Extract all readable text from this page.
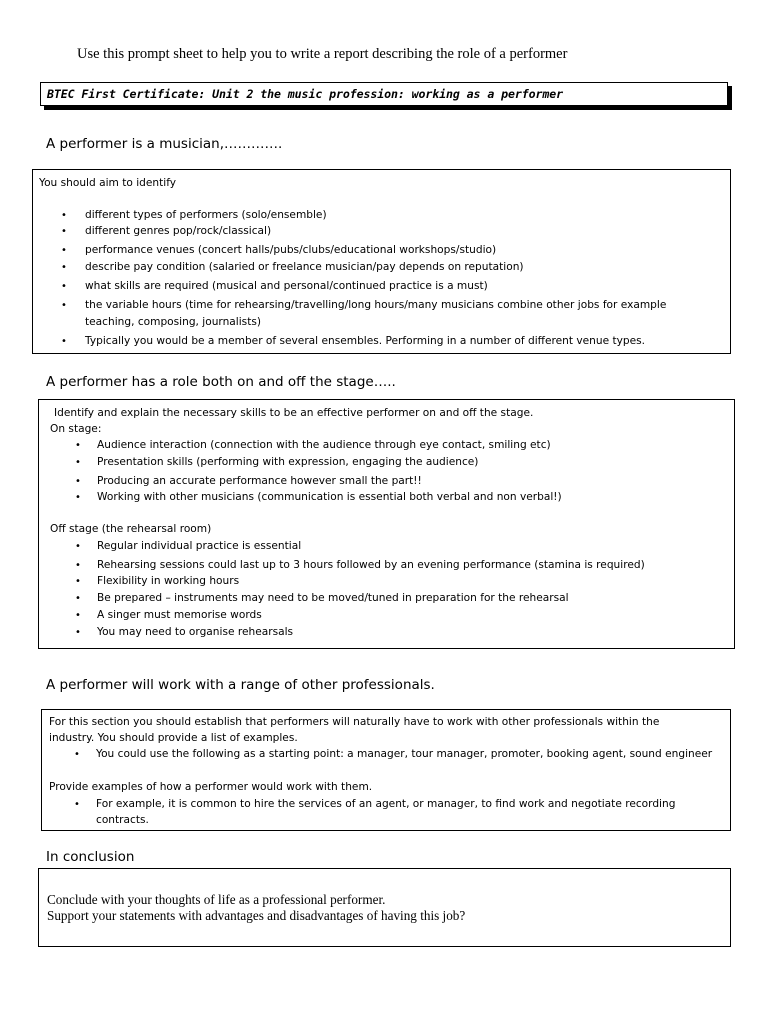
Use this prompt sheet to help you to write a report describing the role of a performer
BTEC First Certificate: Unit 2 the music profession: working as a performer
A performer is a musician,………….
You should aim to identify
• different types of performers (solo/ensemble)
• different genres pop/rock/classical)
• performance venues (concert halls/pubs/clubs/educational workshops/studio)
• describe pay condition (salaried or freelance musician/pay depends on reputation)
• what skills are required (musical and personal/continued practice is a must)
• the variable hours (time for rehearsing/travelling/long hours/many musicians combine other jobs for example
teaching, composing, journalists)
• Typically you would be a member of several ensembles. Performing in a number of different venue types.
A performer has a role both on and off the stage…..
Identify and explain the necessary skills to be an effective performer on and off the stage.
On stage:
• Audience interaction (connection with the audience through eye contact, smiling etc)
• Presentation skills (performing with expression, engaging the audience)
• Producing an accurate performance however small the part!!
• Working with other musicians (communication is essential both verbal and non verbal!)
Off stage (the rehearsal room)
• Regular individual practice is essential
• Rehearsing sessions could last up to 3 hours followed by an evening performance (stamina is required)
• Flexibility in working hours
• Be prepared – instruments may need to be moved/tuned in preparation for the rehearsal
• A singer must memorise words
• You may need to organise rehearsals
A performer will work with a range of other professionals.
For this section you should establish that performers will naturally have to work with other professionals within the
industry. You should provide a list of examples.
• You could use the following as a starting point: a manager, tour manager, promoter, booking agent, sound engineer
Provide examples of how a performer would work with them.
• For example, it is common to hire the services of an agent, or manager, to find work and negotiate recording
contracts.
In conclusion
Conclude with your thoughts of life as a professional performer.
Support your statements with advantages and disadvantages of having this job?
